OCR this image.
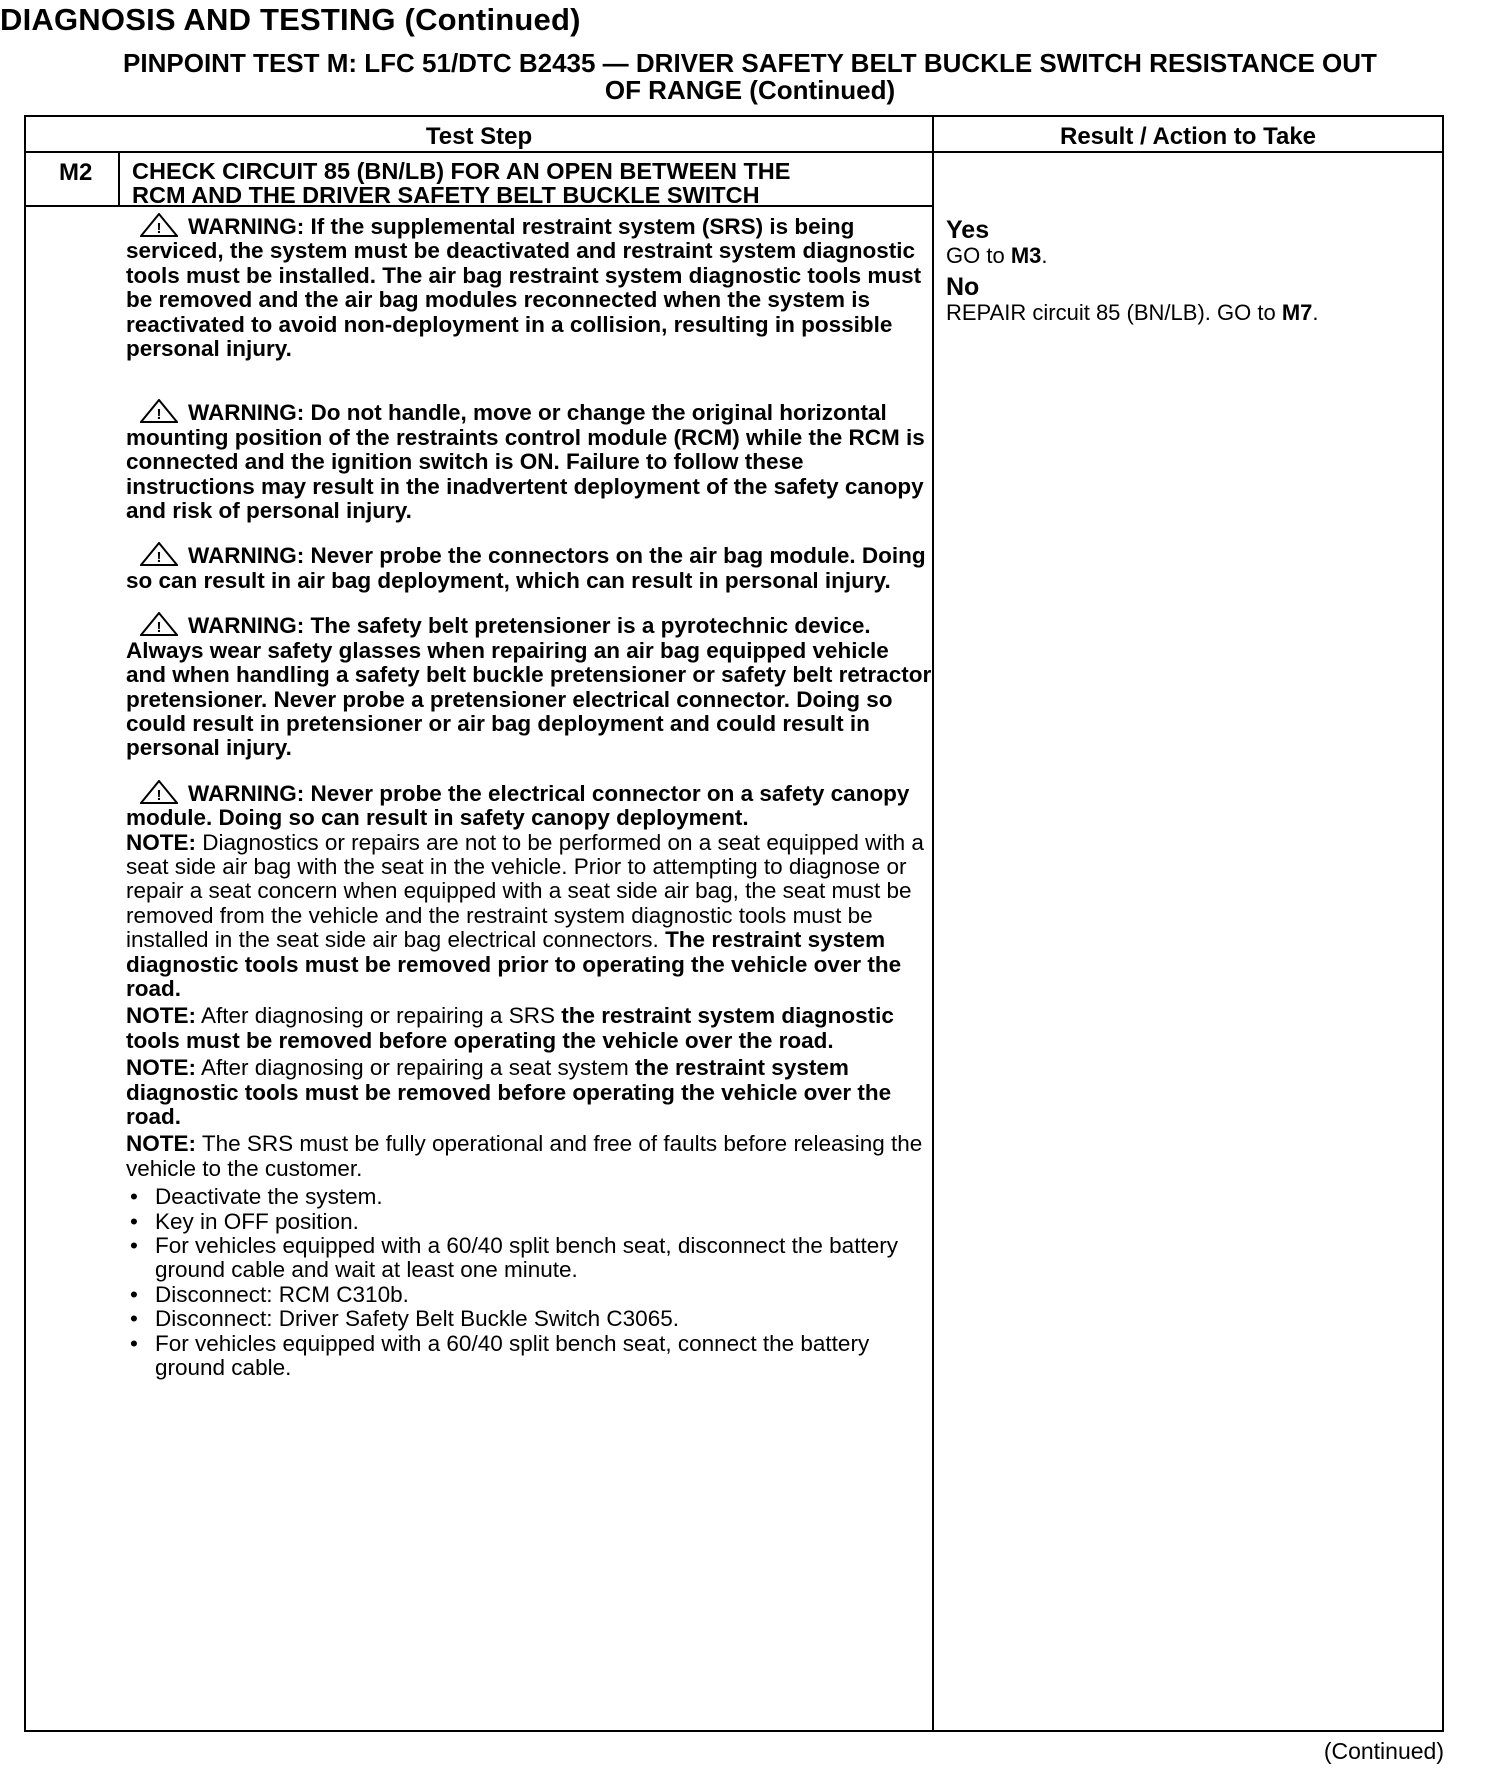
DIAGNOSIS AND TESTING (Continued)
PINPOINT TEST M: LFC 51/DTC B2435 — DRIVER SAFETY BELT BUCKLE SWITCH RESISTANCE OUT
OF RANGE (Continued)
Test Step	Result / Action to Take
M2 CHECK CIRCUIT 85 (BN/LB) FOR AN OPEN BETWEEN THE
RCM AND THE DRIVER SAFETY BELT BUCKLE SWITCH

! WARNING: If the supplemental restraint system (SRS) is being serviced, the system must be deactivated and restraint system diagnostic tools must be installed. The air bag restraint system diagnostic tools must be removed and the air bag modules reconnected when the system is reactivated to avoid non-deployment in a collision, resulting in possible personal injury.

! WARNING: Do not handle, move or change the original horizontal mounting position of the restraints control module (RCM) while the RCM is connected and the ignition switch is ON. Failure to follow these instructions may result in the inadvertent deployment of the safety canopy and risk of personal injury.

! WARNING: Never probe the connectors on the air bag module. Doing so can result in air bag deployment, which can result in personal injury.

! WARNING: The safety belt pretensioner is a pyrotechnic device. Always wear safety glasses when repairing an air bag equipped vehicle and when handling a safety belt buckle pretensioner or safety belt retractor pretensioner. Never probe a pretensioner electrical connector. Doing so could result in pretensioner or air bag deployment and could result in personal injury.

! WARNING: Never probe the electrical connector on a safety canopy module. Doing so can result in safety canopy deployment.

NOTE: Diagnostics or repairs are not to be performed on a seat equipped with a seat side air bag with the seat in the vehicle. Prior to attempting to diagnose or repair a seat concern when equipped with a seat side air bag, the seat must be removed from the vehicle and the restraint system diagnostic tools must be installed in the seat side air bag electrical connectors. The restraint system diagnostic tools must be removed prior to operating the vehicle over the road.

NOTE: After diagnosing or repairing a SRS the restraint system diagnostic tools must be removed before operating the vehicle over the road.

NOTE: After diagnosing or repairing a seat system the restraint system diagnostic tools must be removed before operating the vehicle over the road.

NOTE: The SRS must be fully operational and free of faults before releasing the vehicle to the customer.

• Deactivate the system.
• Key in OFF position.
• For vehicles equipped with a 60/40 split bench seat, disconnect the battery ground cable and wait at least one minute.
• Disconnect: RCM C310b.
• Disconnect: Driver Safety Belt Buckle Switch C3065.
• For vehicles equipped with a 60/40 split bench seat, connect the battery ground cable.
Yes
GO to M3.
No
REPAIR circuit 85 (BN/LB). GO to M7.
(Continued)
